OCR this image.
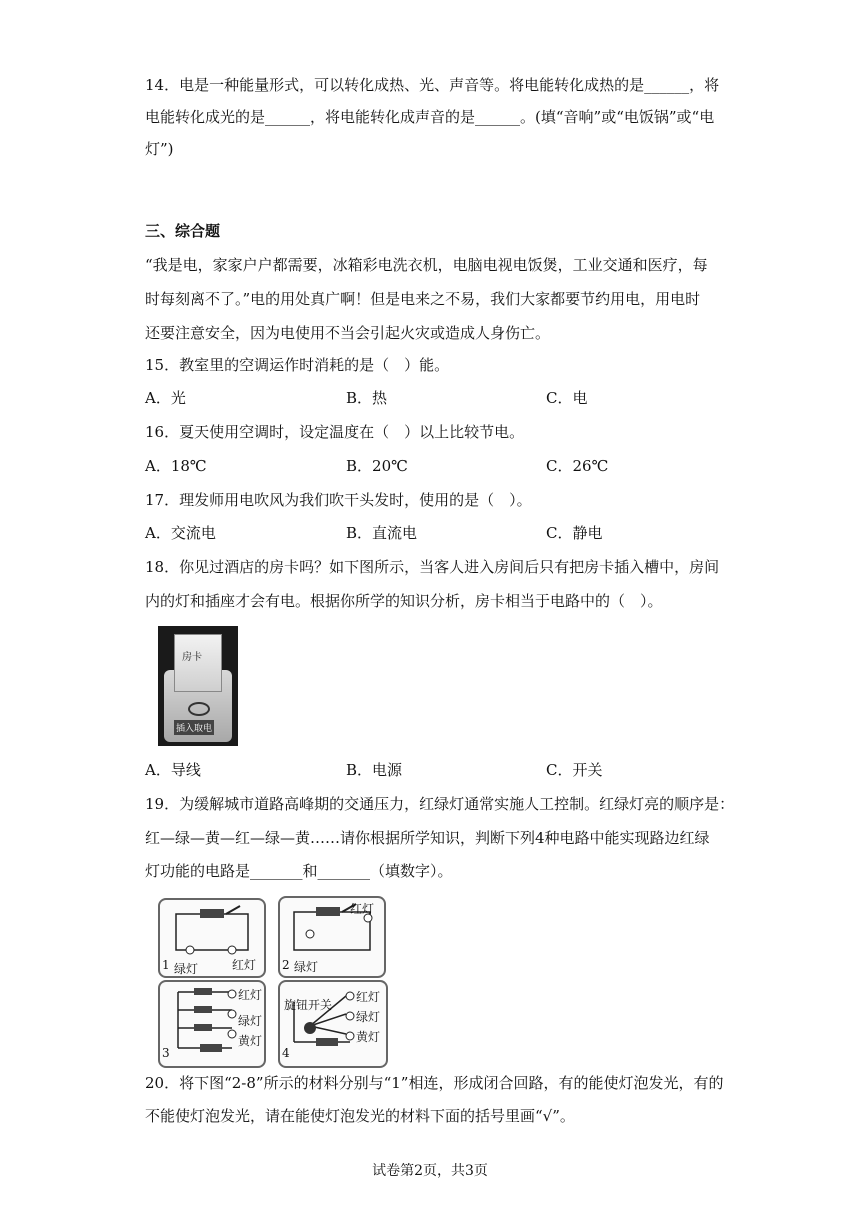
14．电是一种能量形式，可以转化成热、光、声音等。将电能转化成热的是______，将
电能转化成光的是______，将电能转化成声音的是______。(填“音响”或“电饭锅”或“电
灯”)
三、综合题
“我是电，家家户户都需要，冰箱彩电洗衣机，电脑电视电饭煲，工业交通和医疗，每
时每刻离不了。”电的用处真广啊！但是电来之不易，我们大家都要节约用电，用电时
还要注意安全，因为电使用不当会引起火灾或造成人身伤亡。
15．教室里的空调运作时消耗的是（　）能。
A．光	B．热	C．电
16．夏天使用空调时，设定温度在（　）以上比较节电。
A．18℃	B．20℃	C．26℃
17．理发师用电吹风为我们吹干头发时，使用的是（　）。
A．交流电	B．直流电	C．静电
18．你见过酒店的房卡吗？如下图所示，当客人进入房间后只有把房卡插入槽中，房间
内的灯和插座才会有电。根据你所学的知识分析，房卡相当于电路中的（　）。
房卡
插入取电
A．导线	B．电源	C．开关
19．为缓解城市道路高峰期的交通压力，红绿灯通常实施人工控制。红绿灯亮的顺序是：
红—绿—黄—红—绿—黄……请你根据所学知识，判断下列4种电路中能实现路边红绿
灯功能的电路是_______和_______（填数字）。
1 绿灯	红灯
红灯
2 绿灯
红灯
绿灯
黄灯
3
旋钮开关
红灯
绿灯
黄灯
4
20．将下图“2-8”所示的材料分别与“1”相连，形成闭合回路，有的能使灯泡发光，有的
不能使灯泡发光，请在能使灯泡发光的材料下面的括号里画“√”。
试卷第2页，共3页
